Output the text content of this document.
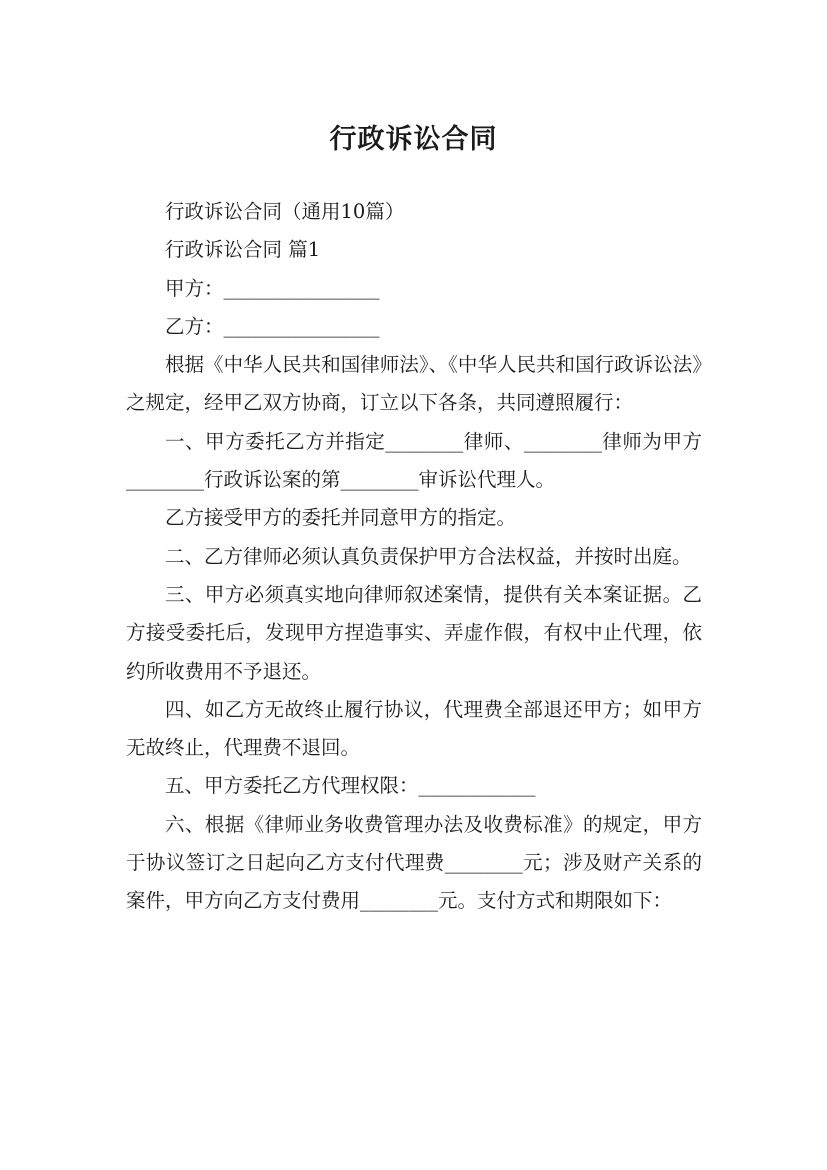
行政诉讼合同

行政诉讼合同（通用10篇）

行政诉讼合同 篇1

甲方：________________

乙方：________________

根据《中华人民共和国律师法》、《中华人民共和国行政诉讼法》之规定，经甲乙双方协商，订立以下各条，共同遵照履行：

一、甲方委托乙方并指定________律师、________律师为甲方________行政诉讼案的第________审诉讼代理人。

乙方接受甲方的委托并同意甲方的指定。

二、乙方律师必须认真负责保护甲方合法权益，并按时出庭。

三、甲方必须真实地向律师叙述案情，提供有关本案证据。乙方接受委托后，发现甲方捏造事实、弄虚作假，有权中止代理，依约所收费用不予退还。

四、如乙方无故终止履行协议，代理费全部退还甲方；如甲方无故终止，代理费不退回。

五、甲方委托乙方代理权限：____________

六、根据《律师业务收费管理办法及收费标准》的规定，甲方于协议签订之日起向乙方支付代理费________元；涉及财产关系的案件，甲方向乙方支付费用________元。支付方式和期限如下：
